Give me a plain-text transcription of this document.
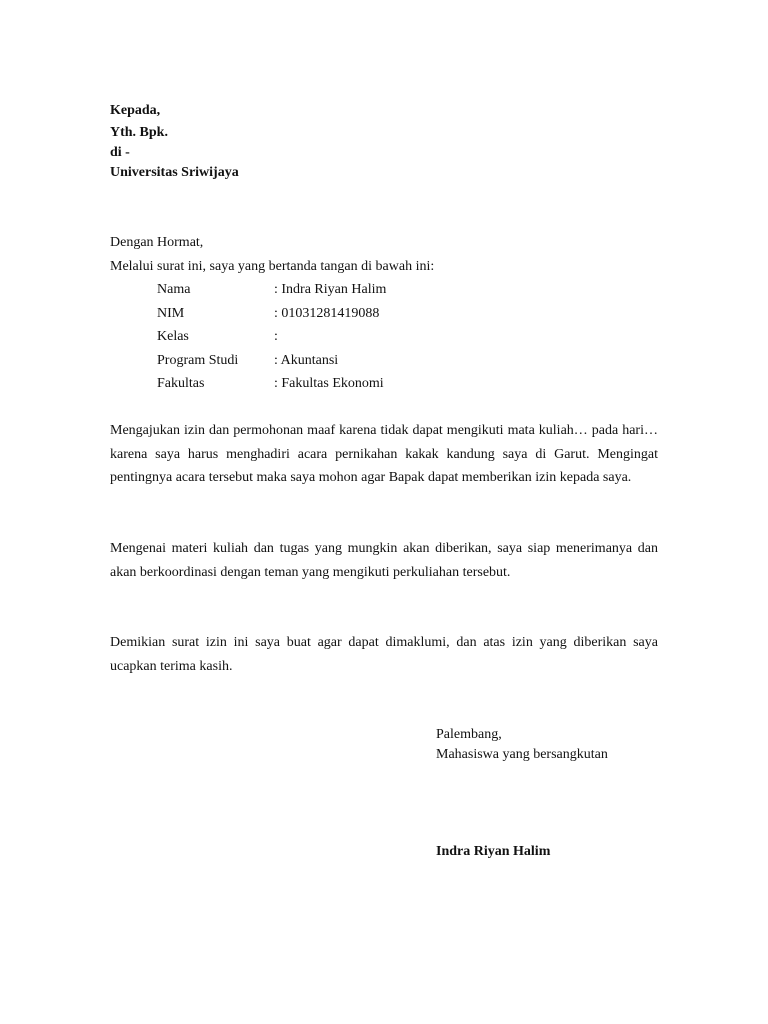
Kepada,
Yth. Bpk.
di -
Universitas Sriwijaya
Dengan Hormat,
Melalui surat ini, saya yang bertanda tangan di bawah ini:
Nama	: Indra Riyan Halim
NIM	: 01031281419088
Kelas	:
Program Studi	: Akuntansi
Fakultas	: Fakultas Ekonomi

Mengajukan izin dan permohonan maaf karena tidak dapat mengikuti mata kuliah… pada hari… karena saya harus menghadiri acara pernikahan kakak kandung saya di Garut. Mengingat pentingnya acara tersebut maka saya mohon agar Bapak dapat memberikan izin kepada saya.

Mengenai materi kuliah dan tugas yang mungkin akan diberikan, saya siap menerimanya dan akan berkoordinasi dengan teman yang mengikuti perkuliahan tersebut.

Demikian surat izin ini saya buat agar dapat dimaklumi, dan atas izin yang diberikan saya ucapkan terima kasih.

Palembang,
Mahasiswa yang bersangkutan
Indra Riyan Halim
